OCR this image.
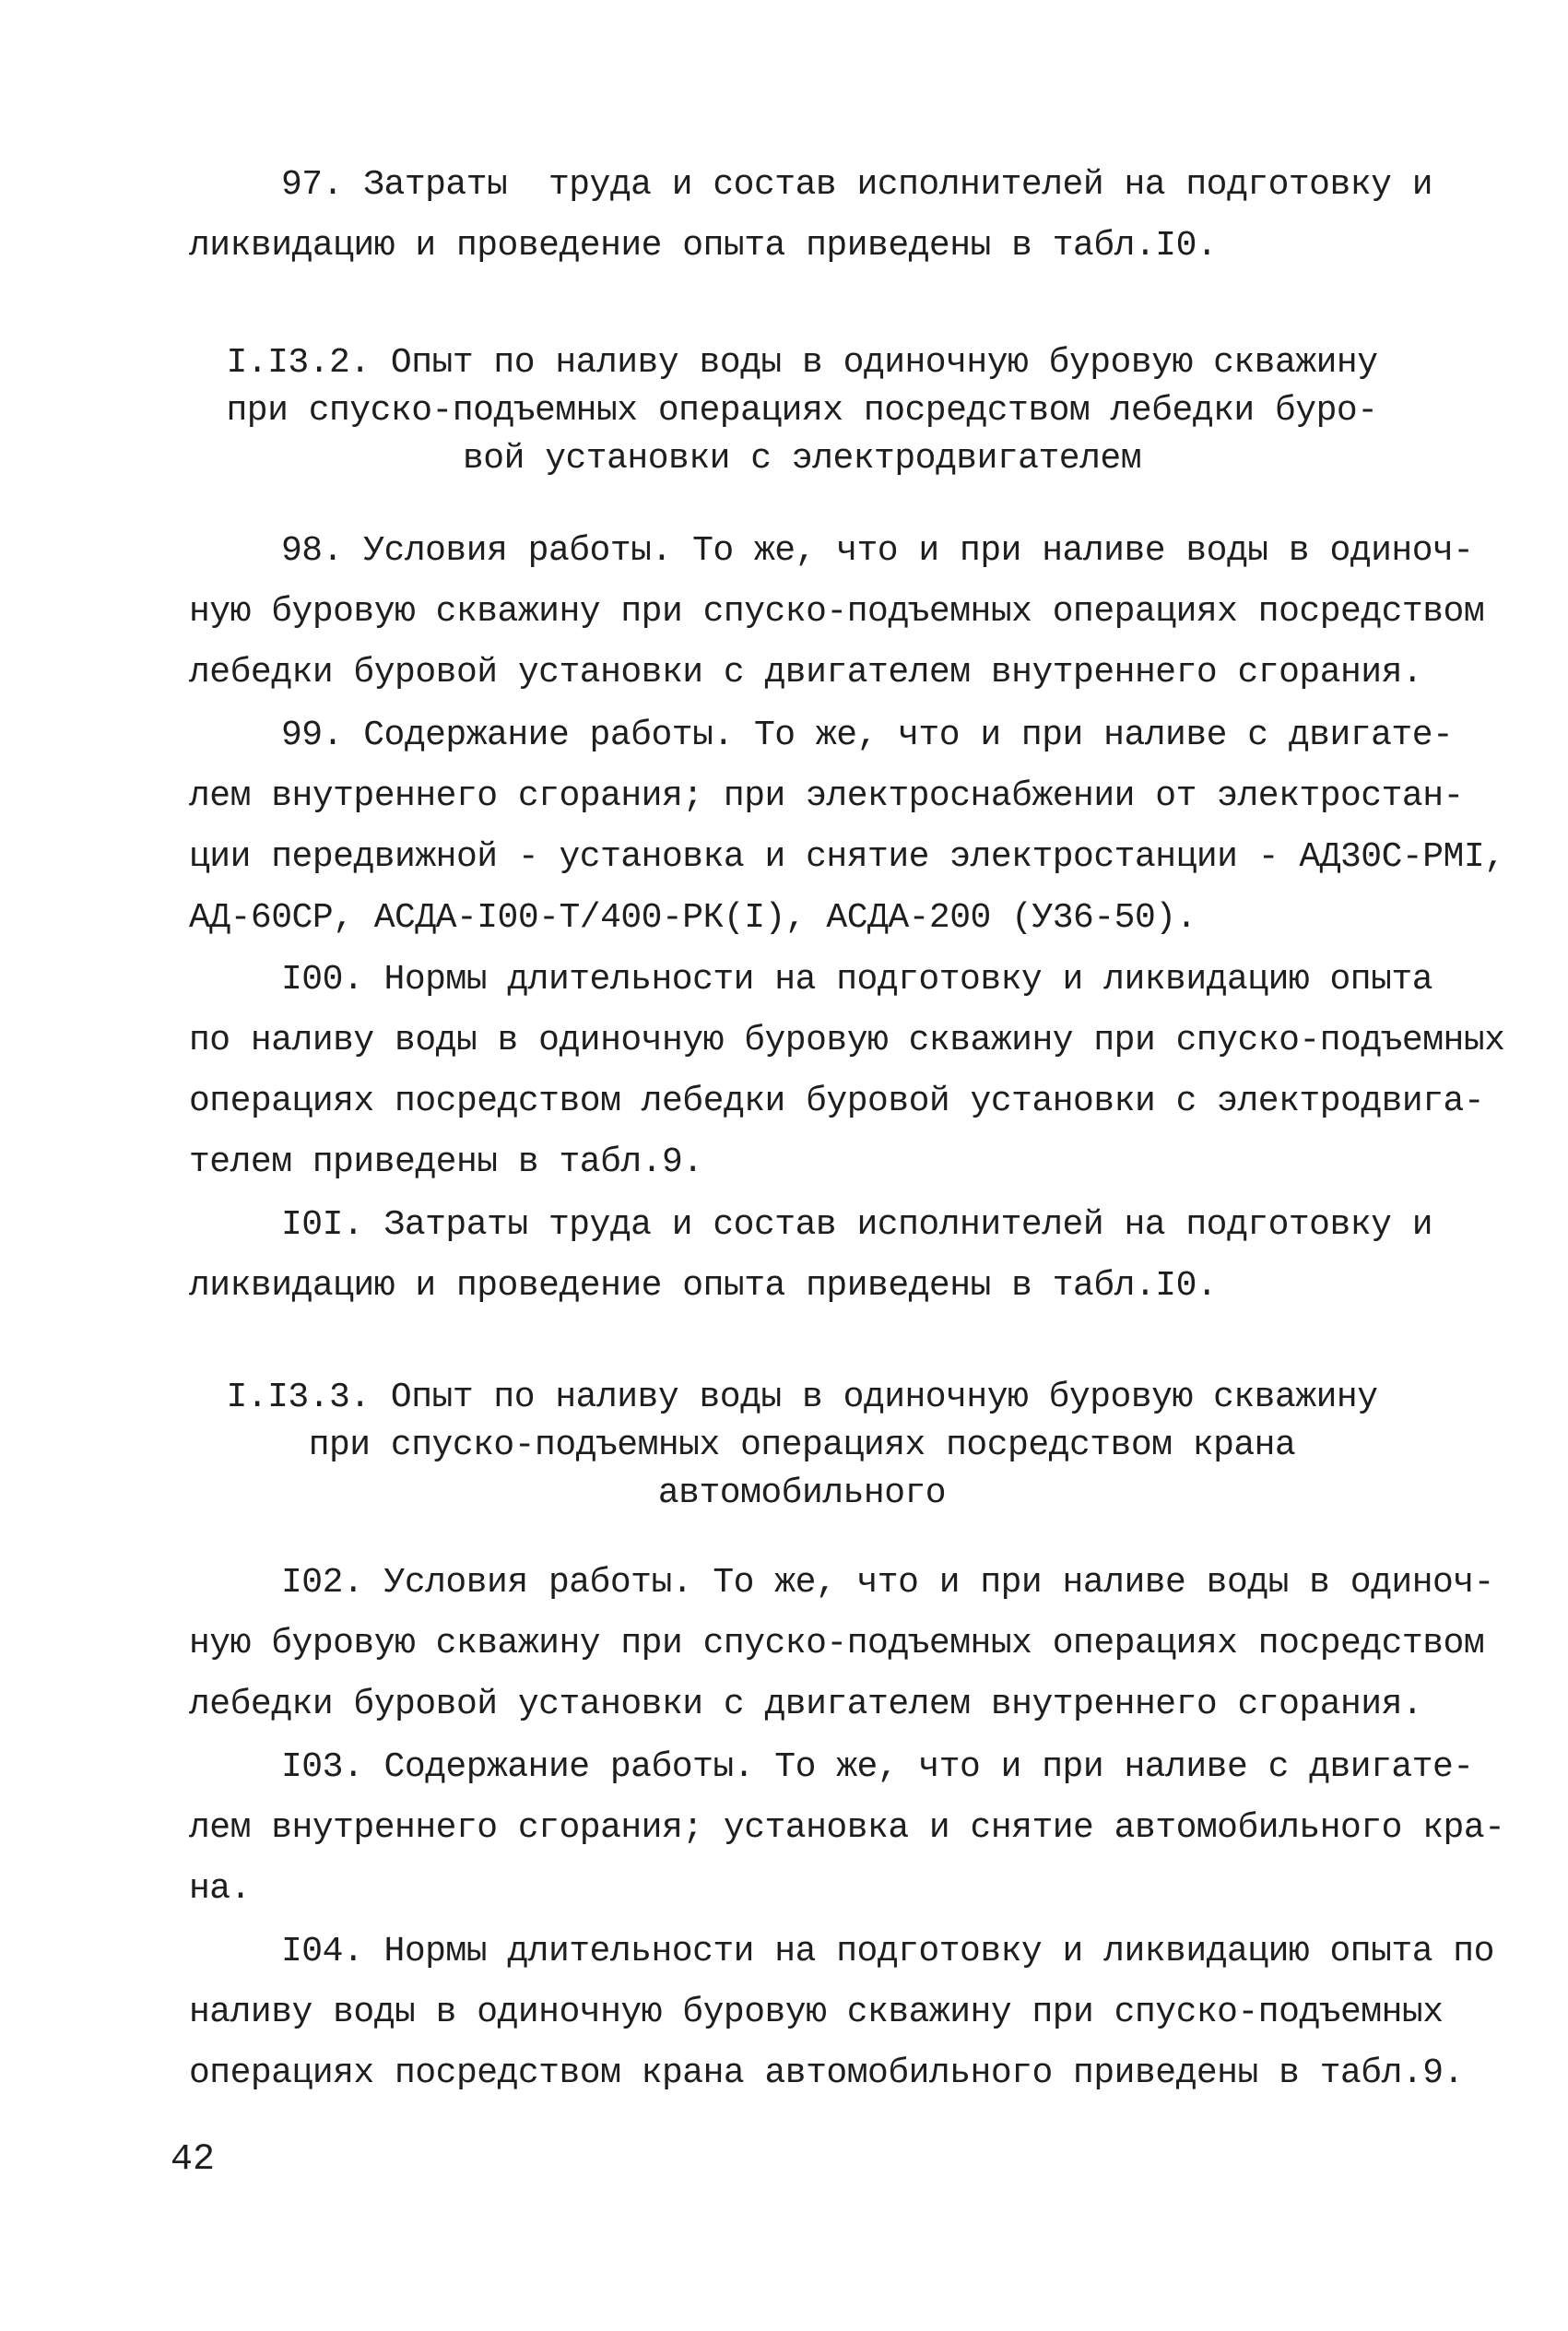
97. Затраты  труда и состав исполнителей на подготовку и
ликвидацию и проведение опыта приведены в табл.I0.
I.I3.2. Опыт по наливу воды в одиночную буровую скважину
при спуско-подъемных операциях посредством лебедки буро-
вой установки с электродвигателем
98. Условия работы. То же, что и при наливе воды в одиноч-
ную буровую скважину при спуско-подъемных операциях посредством
лебедки буровой установки с двигателем внутреннего сгорания.
99. Содержание работы. То же, что и при наливе с двигате-
лем внутреннего сгорания; при электроснабжении от электростан-
ции передвижной - установка и снятие электростанции - АД30С-РМI,
АД-60СР, АСДА-I00-Т/400-РК(I), АСДА-200 (У36-50).
I00. Нормы длительности на подготовку и ликвидацию опыта
по наливу воды в одиночную буровую скважину при спуско-подъемных
операциях посредством лебедки буровой установки с электродвига-
телем приведены в табл.9.
I0I. Затраты труда и состав исполнителей на подготовку и
ликвидацию и проведение опыта приведены в табл.I0.
I.I3.3. Опыт по наливу воды в одиночную буровую скважину
при спуско-подъемных операциях посредством крана
автомобильного
I02. Условия работы. То же, что и при наливе воды в одиноч-
ную буровую скважину при спуско-подъемных операциях посредством
лебедки буровой установки с двигателем внутреннего сгорания.
I03. Содержание работы. То же, что и при наливе с двигате-
лем внутреннего сгорания; установка и снятие автомобильного кра-
на.
I04. Нормы длительности на подготовку и ликвидацию опыта по
наливу воды в одиночную буровую скважину при спуско-подъемных
операциях посредством крана автомобильного приведены в табл.9.
42
